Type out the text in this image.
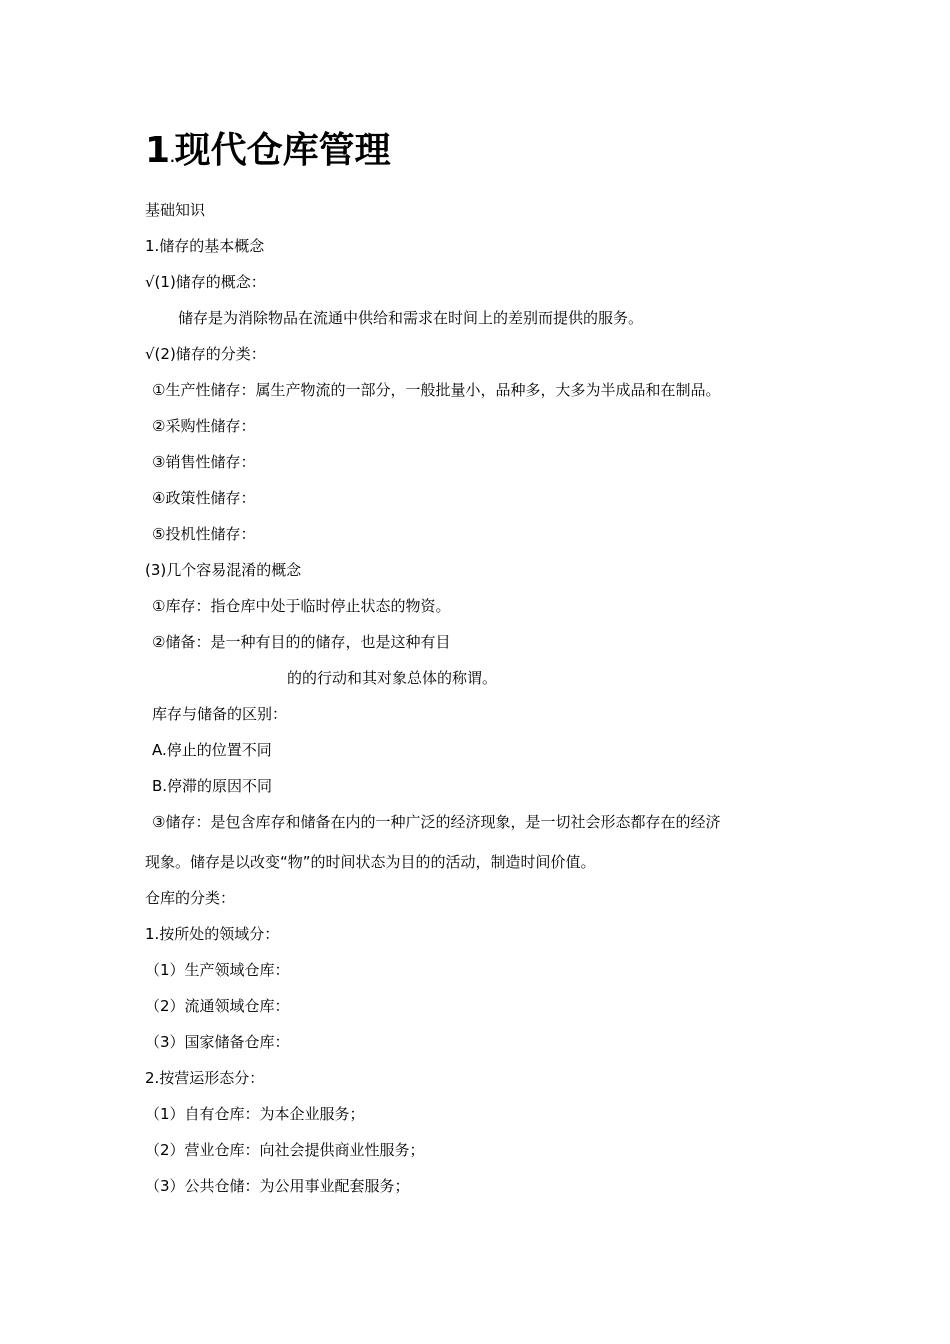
1.现代仓库管理
基础知识
1.储存的基本概念
√(1)储存的概念：
储存是为消除物品在流通中供给和需求在时间上的差别而提供的服务。
√(2)储存的分类：
①生产性储存：属生产物流的一部分，一般批量小，品种多，大多为半成品和在制品。
②采购性储存：
③销售性储存：
④政策性储存：
⑤投机性储存：
(3)几个容易混淆的概念
①库存：指仓库中处于临时停止状态的物资。
②储备：是一种有目的的储存，也是这种有目
的的行动和其对象总体的称谓。
库存与储备的区别：
A.停止的位置不同
B.停滞的原因不同
③储存：是包含库存和储备在内的一种广泛的经济现象，是一切社会形态都存在的经济
现象。储存是以改变“物”的时间状态为目的的活动，制造时间价值。
仓库的分类：
1.按所处的领域分：
（1）生产领域仓库：
（2）流通领域仓库：
（3）国家储备仓库：
2.按营运形态分：
（1）自有仓库：为本企业服务；
（2）营业仓库：向社会提供商业性服务；
（3）公共仓储：为公用事业配套服务；
